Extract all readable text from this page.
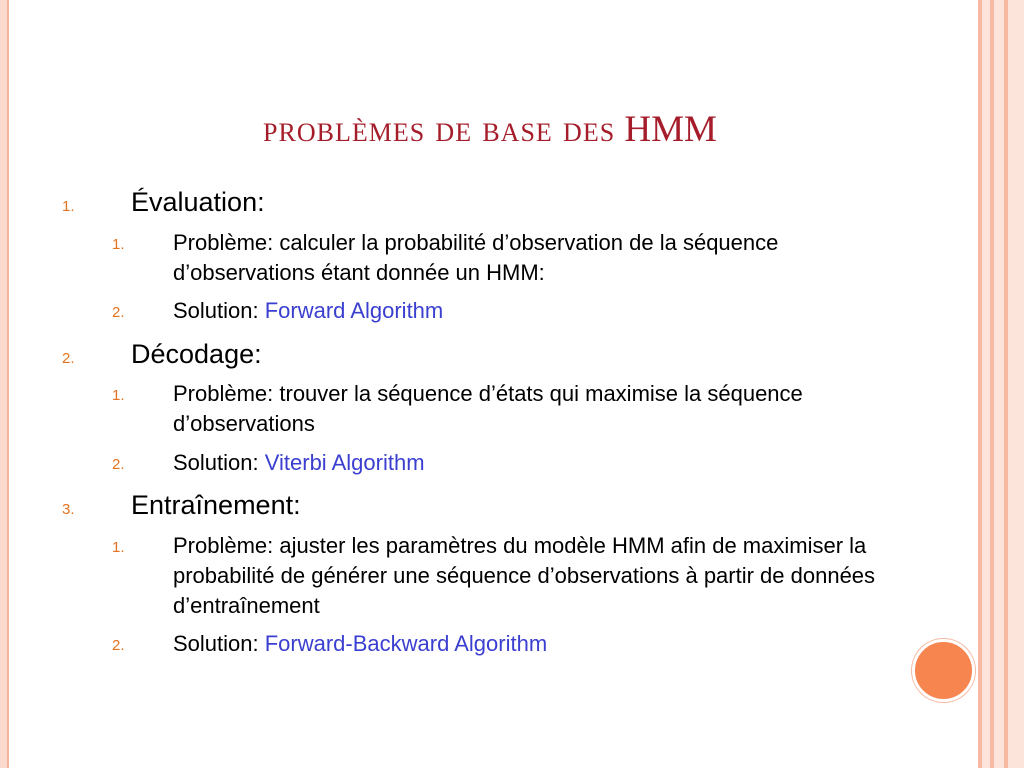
problèmes de base des HMM
1. Évaluation:
1. Problème: calculer la probabilité d’observation de la séquence d’observations étant donnée un HMM:
2. Solution: Forward Algorithm
2. Décodage:
1. Problème: trouver la séquence d’états qui maximise la séquence d’observations
2. Solution: Viterbi Algorithm
3. Entraînement:
1. Problème: ajuster les paramètres du modèle HMM afin de maximiser la probabilité de générer une séquence d’observations à partir de données d’entraînement
2. Solution: Forward-Backward Algorithm
